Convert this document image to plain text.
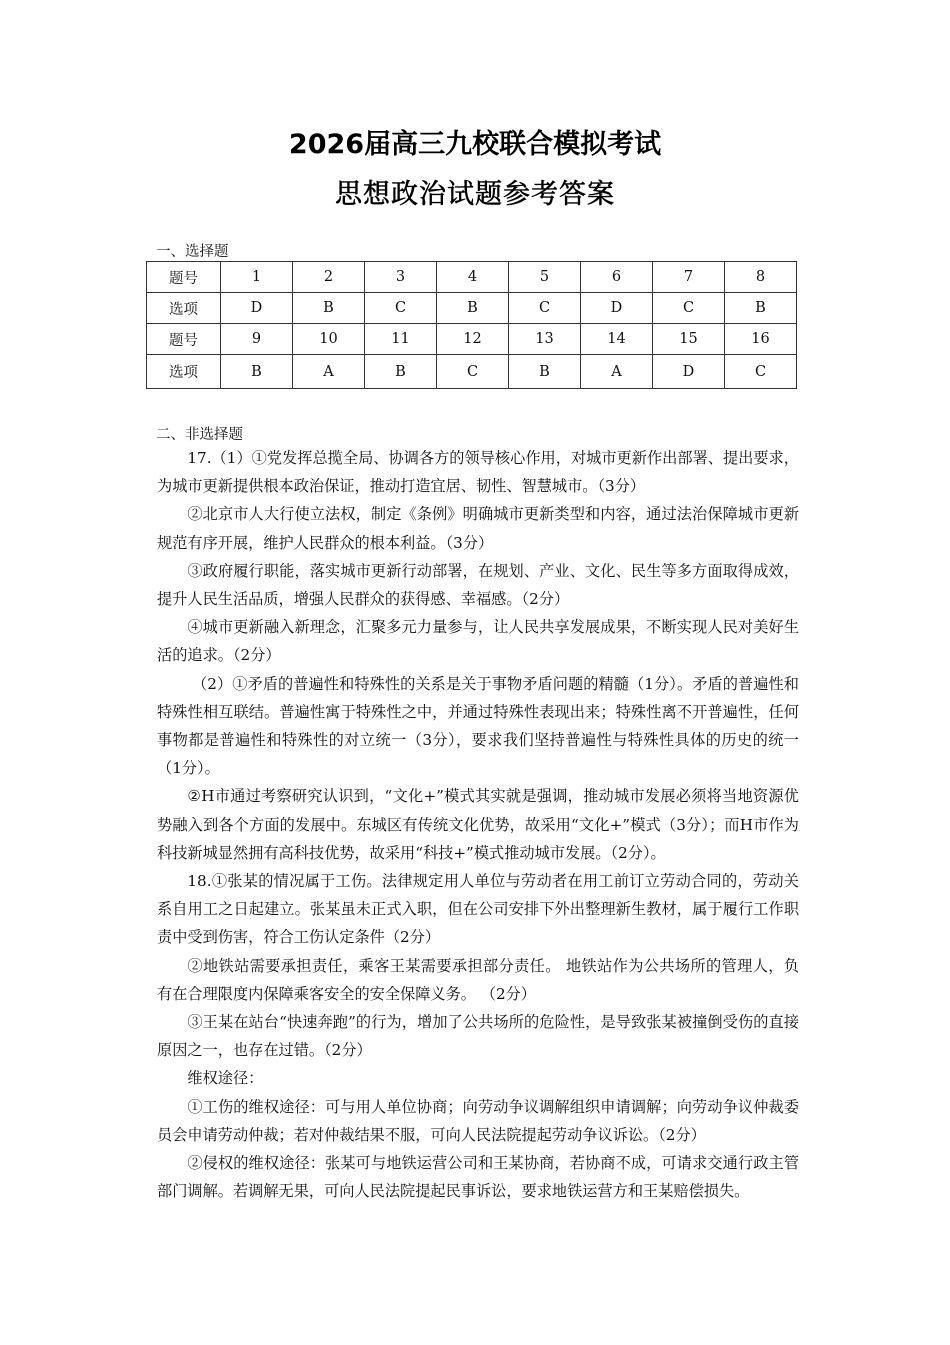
2026届高三九校联合模拟考试
思想政治试题参考答案
一、选择题
题号	1	2	3	4	5	6	7	8
选项	D	B	C	B	C	D	C	B
题号	9	10	11	12	13	14	15	16
选项	B	A	B	C	B	A	D	C
二、非选择题

17.（1）①党发挥总揽全局、协调各方的领导核心作用，对城市更新作出部署、提出要求，为城市更新提供根本政治保证，推动打造宜居、韧性、智慧城市。（3分）

②北京市人大行使立法权，制定《条例》明确城市更新类型和内容，通过法治保障城市更新规范有序开展，维护人民群众的根本利益。（3分）

③政府履行职能，落实城市更新行动部署，在规划、产业、文化、民生等多方面取得成效，提升人民生活品质，增强人民群众的获得感、幸福感。（2分）

④城市更新融入新理念，汇聚多元力量参与，让人民共享发展成果，不断实现人民对美好生活的追求。（2分）

（2）①矛盾的普遍性和特殊性的关系是关于事物矛盾问题的精髓（1分）。矛盾的普遍性和特殊性相互联结。普遍性寓于特殊性之中，并通过特殊性表现出来；特殊性离不开普遍性，任何事物都是普遍性和特殊性的对立统一（3分），要求我们坚持普遍性与特殊性具体的历史的统一（1分）。

②H市通过考察研究认识到，“文化+”模式其实就是强调，推动城市发展必须将当地资源优势融入到各个方面的发展中。东城区有传统文化优势，故采用“文化+”模式（3分）；而H市作为科技新城显然拥有高科技优势，故采用“科技+”模式推动城市发展。（2分）。

18.①张某的情况属于工伤。法律规定用人单位与劳动者在用工前订立劳动合同的，劳动关系自用工之日起建立。张某虽未正式入职，但在公司安排下外出整理新生教材，属于履行工作职责中受到伤害，符合工伤认定条件（2分）

②地铁站需要承担责任，乘客王某需要承担部分责任。 地铁站作为公共场所的管理人，负有在合理限度内保障乘客安全的安全保障义务。 （2分）

③王某在站台“快速奔跑”的行为，增加了公共场所的危险性，是导致张某被撞倒受伤的直接原因之一，也存在过错。（2分）

维权途径：

①工伤的维权途径：可与用人单位协商；向劳动争议调解组织申请调解；向劳动争议仲裁委员会申请劳动仲裁；若对仲裁结果不服，可向人民法院提起劳动争议诉讼。（2分）

②侵权的维权途径：张某可与地铁运营公司和王某协商，若协商不成，可请求交通行政主管部门调解。若调解无果，可向人民法院提起民事诉讼，要求地铁运营方和王某赔偿损失。
